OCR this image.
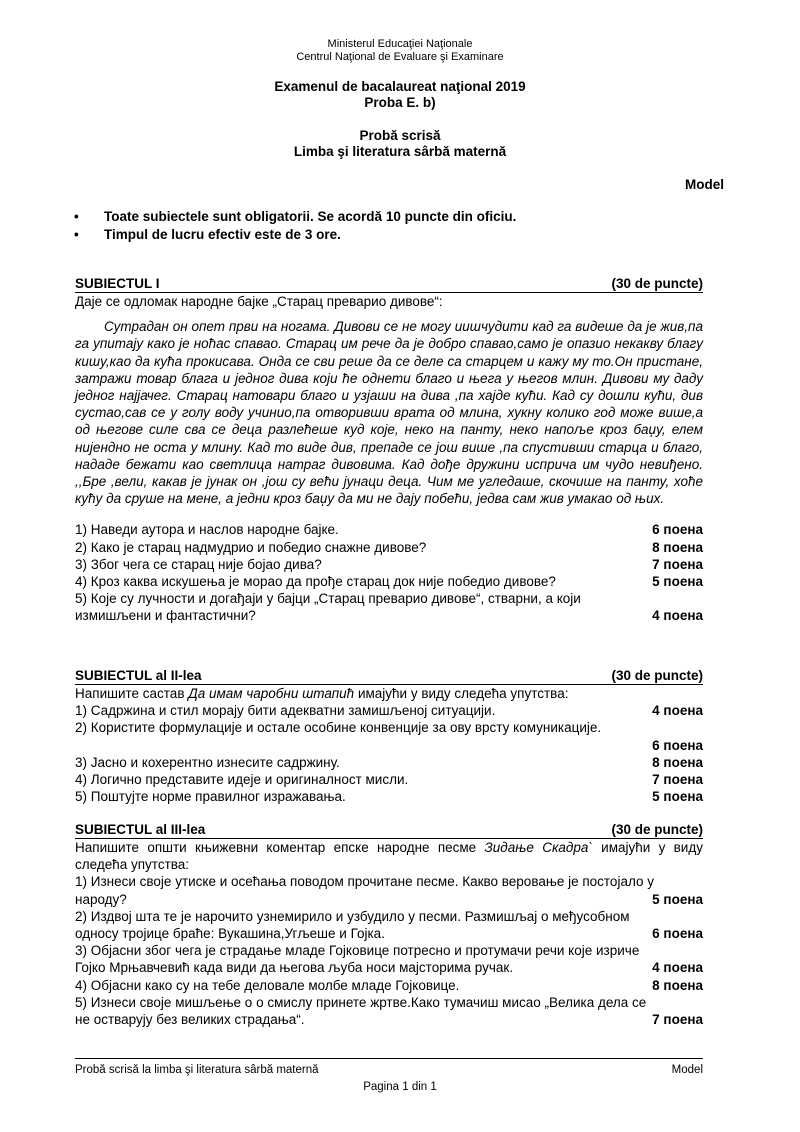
Ministerul Educaţiei Naţionale
Centrul Naţional de Evaluare şi Examinare
Examenul de bacalaureat naţional 2019
Proba E. b)
Probă scrisă
Limba şi literatura sârbă maternă
Model
•	Toate subiectele sunt obligatorii. Se acordă 10 puncte din oficiu.
•	Timpul de lucru efectiv este de 3 ore.
SUBIECTUL I	(30 de puncte)
Даје се одломак народне бајке „Старац преварио дивове“:
Сутрадан он опет први на ногама. Дивови се не могу иишчудити кад га видеше да је жив,па га упитају како је ноћас спавао. Старац им рече да је добро спавао,само је опазио некакву благу кишу,као да кућа прокисава. Онда се сви реше да се деле са старцем и кажу му то.Он пристане, затражи товар блага и једног дива који ће однети благо и њега у његов млин. Дивови му даду једног најјачег. Старац натовари благо и узјаши на дива ,па хајде кући. Кад су дошли кући, див сустао,сав се у голу воду учинио,па отворивши врата од млина, хукну колико год може више,а од његове силе сва се деца разлећеше куд које, неко на панту, неко напоље кроз баџу, елем нијендно не оста у млину. Кад то виде див, препаде се још више ,па спустивши старца и благо, нададе бежати као светлица натраг дивовима. Кад дође дружини исприча им чудо невиђено. ,,Бре ,вели, какав је јунак он ,још су већи јунаци деца. Чим ме угледаше, скочише на панту, хоће кућу да сруше на мене, а једни кроз баџу да ми не дају побећи, једва сам жив умакао од њих.
1) Наведи аутора и наслов народне бајке.	6 поена
2) Како је старац надмудрио и победио снажне дивове?	8 поена
3) Због чега се старац није бојао дива?	7 поена
4) Кроз каква искушења је морао да прође старац док није победио дивове?	5 поена
5) Које су лучности и догађаји у бајци „Старац преварио дивове“, стварни, а који измишљени и фантастични?	4 поена
SUBIECTUL al II-lea	(30 de puncte)
Напишите састав Да имам чаробни штапић имајући у виду следећа упутства:
1) Садржина и стил морају бити адекватни замишљеној ситуацији.	4 поена
2) Користите формулације и остале особине конвенције за ову врсту комуникације.
6 поена
3) Јасно и кохерентно изнесите садржину.	8 поена
4) Логично представите идеје и оригиналност мисли.	7 поена
5) Поштујте норме правилног изражавања.	5 поена
SUBIECTUL al III-lea	(30 de puncte)
Напишите општи књижевни коментар епске народне песме Зидање Скадра` имајући у виду следећа упутства:
1) Изнеси своје утиске и осећања поводом прочитане песме. Какво веровање је постојало у
народу?	5 поена
2) Издвој шта те је нарочито узнемирило и узбудило у песми. Размишљај о међусобном
односу тројице браће: Вукашина,Угљеше и Гојка.	6 поена
3) Објасни због чега је страдање младе Гојковице потресно и протумачи речи које изриче
Гојко Мрњавчевић када види да његова љуба носи мајсторима ручак.	4 поена
4) Објасни како су на тебе деловале молбе младе Гојковице.	8 поена
5) Изнеси своје мишљење о о смислу принете жртве.Како тумачиш мисао „Велика дела се
не остварују без великих страдања“.	7 поена
Probă scrisă la limba şi literatura sârbă maternă	Model
Pagina 1 din 1
